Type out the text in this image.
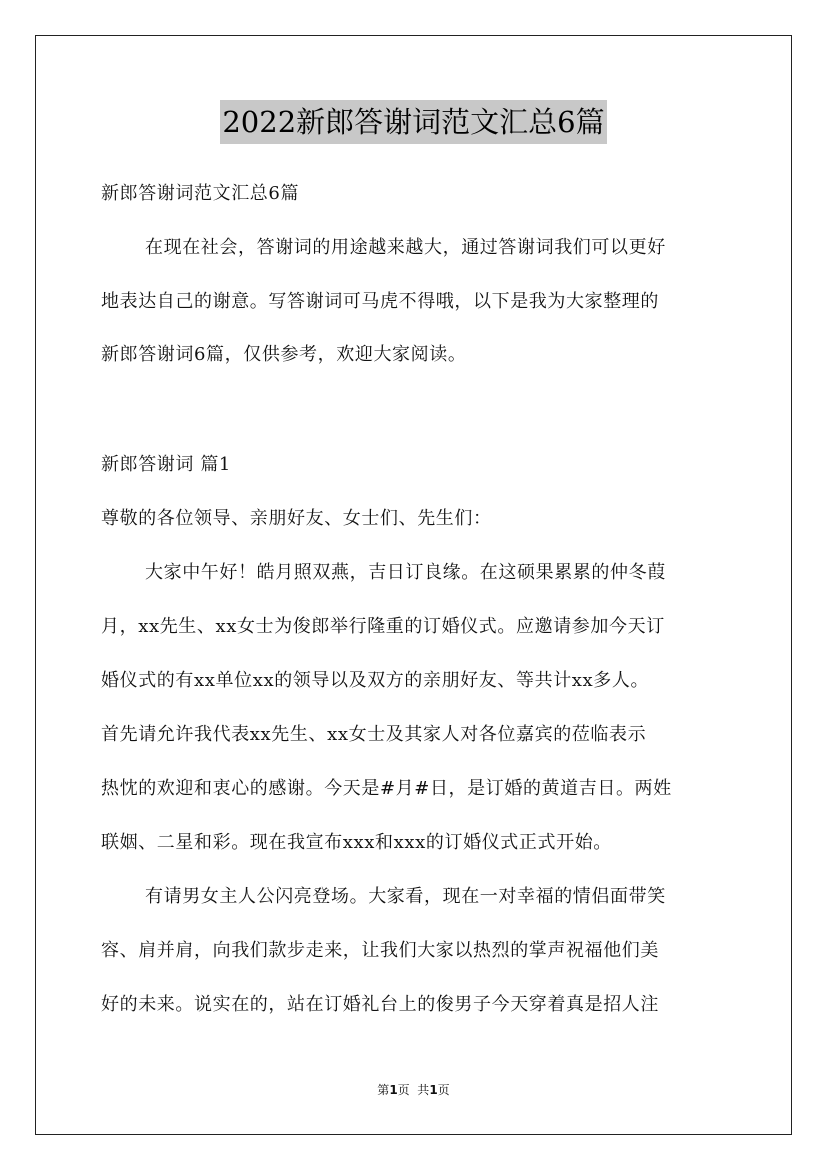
2022新郎答谢词范文汇总6篇
新郎答谢词范文汇总6篇
在现在社会，答谢词的用途越来越大，通过答谢词我们可以更好
地表达自己的谢意。写答谢词可马虎不得哦，以下是我为大家整理的
新郎答谢词6篇，仅供参考，欢迎大家阅读。
新郎答谢词 篇1
尊敬的各位领导、亲朋好友、女士们、先生们：
大家中午好！皓月照双燕，吉日订良缘。在这硕果累累的仲冬葭
月，xx先生、xx女士为俊郎举行隆重的订婚仪式。应邀请参加今天订
婚仪式的有xx单位xx的领导以及双方的亲朋好友、等共计xx多人。
首先请允许我代表xx先生、xx女士及其家人对各位嘉宾的莅临表示
热忱的欢迎和衷心的感谢。今天是#月#日，是订婚的黄道吉日。两姓
联姻、二星和彩。现在我宣布xxx和xxx的订婚仪式正式开始。
有请男女主人公闪亮登场。大家看，现在一对幸福的情侣面带笑
容、肩并肩，向我们款步走来，让我们大家以热烈的掌声祝福他们美
好的未来。说实在的，站在订婚礼台上的俊男子今天穿着真是招人注
第1页  共1页
